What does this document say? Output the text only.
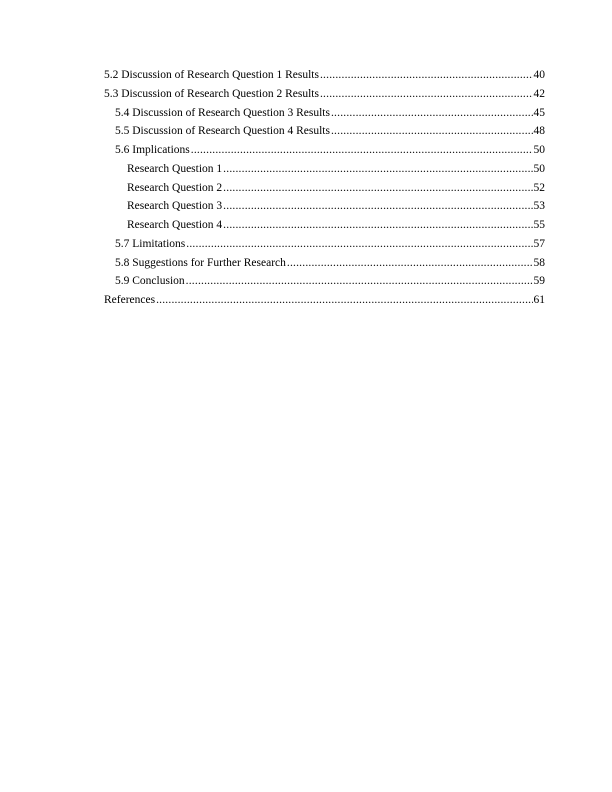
5.2 Discussion of Research Question 1 Results .....	40
5.3 Discussion of Research Question 2 Results .....	42
5.4 Discussion of Research Question 3 Results .....	45
5.5 Discussion of Research Question 4 Results .....	48
5.6 Implications .....	50
Research Question 1 .....	50
Research Question 2 .....	52
Research Question 3 .....	53
Research Question 4 .....	55
5.7 Limitations .....	57
5.8 Suggestions for Further Research .....	58
5.9 Conclusion .....	59
References .....	61
